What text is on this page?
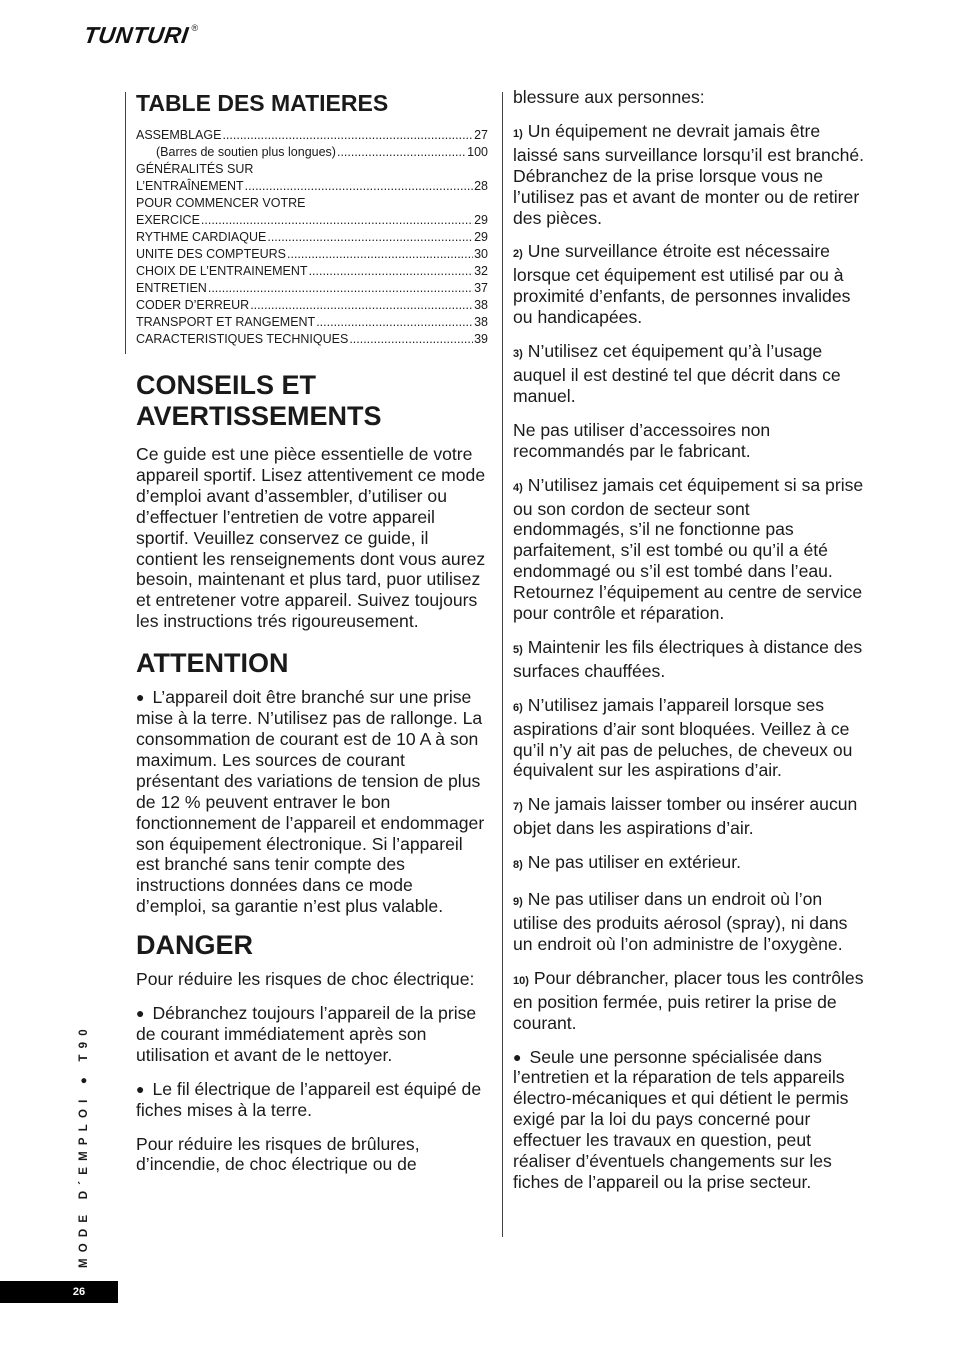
TUNTURI ®
TABLE DES MATIERES
ASSEMBLAGE .....	27
(Barres de soutien plus longues) .....	100
GÉNÉRALITÉS SUR
L’ENTRAÎNEMENT .....	28
POUR COMMENCER VOTRE
EXERCICE .....	29
RYTHME CARDIAQUE .....	29
UNITE DES COMPTEURS .....	30
CHOIX DE L’ENTRAINEMENT .....	32
ENTRETIEN .....	37
CODER D’ERREUR .....	38
TRANSPORT ET RANGEMENT .....	38
CARACTERISTIQUES TECHNIQUES .....	39
CONSEILS ET
AVERTISSEMENTS

Ce guide est une pièce essentielle de votre appareil sportif. Lisez attentivement ce mode d’emploi avant d’assembler, d’utiliser ou d’effectuer l’entretien de votre appareil sportif. Veuillez conservez ce guide, il contient les renseignements dont vous aurez besoin, maintenant et plus tard, puor utilisez et entretener votre appareil. Suivez toujours les instructions trés rigoureusement.

ATTENTION

● L’appareil doit être branché sur une prise mise à la terre. N’utilisez pas de rallonge. La consommation de courant est de 10 A à son maximum. Les sources de courant présentant des variations de tension de plus de 12 % peuvent entraver le bon fonctionnement de l’appareil et endommager son équipement électronique. Si l’appareil est branché sans tenir compte des instructions données dans ce mode d’emploi, sa garantie n’est plus valable.

DANGER

Pour réduire les risques de choc électrique:

● Débranchez toujours l’appareil de la prise de courant immédiatement après son utilisation et avant de le nettoyer.

● Le fil électrique de l’appareil est équipé de fiches mises à la terre.

Pour réduire les risques de brûlures, d’incendie, de choc électrique ou de

blessure aux personnes:

1) Un équipement ne devrait jamais être laissé sans surveillance lorsqu’il est branché. Débranchez de la prise lorsque vous ne l’utilisez pas et avant de monter ou de retirer des pièces.

2) Une surveillance étroite est nécessaire lorsque cet équipement est utilisé par ou à proximité d’enfants, de personnes invalides ou handicapées.

3) N’utilisez cet équipement qu’à l’usage auquel il est destiné tel que décrit dans ce manuel.

Ne pas utiliser d’accessoires non recommandés par le fabricant.

4) N’utilisez jamais cet équipement si sa prise ou son cordon de secteur sont endommagés, s’il ne fonctionne pas parfaitement, s’il est tombé ou qu’il a été endommagé ou s’il est tombé dans l’eau. Retournez l’équipement au centre de service pour contrôle et réparation.

5) Maintenir les fils électriques à distance des surfaces chauffées.

6) N’utilisez jamais l’appareil lorsque ses aspirations d’air sont bloquées. Veillez à ce qu’il n’y ait pas de peluches, de cheveux ou équivalent sur les aspirations d’air.

7) Ne jamais laisser tomber ou insérer aucun objet dans les aspirations d’air.

8) Ne pas utiliser en extérieur.

9) Ne pas utiliser dans un endroit où l’on utilise des produits aérosol (spray), ni dans un endroit où l’on administre de l’oxygène.

10) Pour débrancher, placer tous les contrôles en position fermée, puis retirer la prise de courant.

● Seule une personne spécialisée dans l’entretien et la réparation de tels appareils électro-mécaniques et qui détient le permis exigé par la loi du pays concerné pour effectuer les travaux en question, peut réaliser d’éventuels changements sur les fiches de l’appareil ou la prise secteur.

MODE D´EMPLOI ● T90
26
